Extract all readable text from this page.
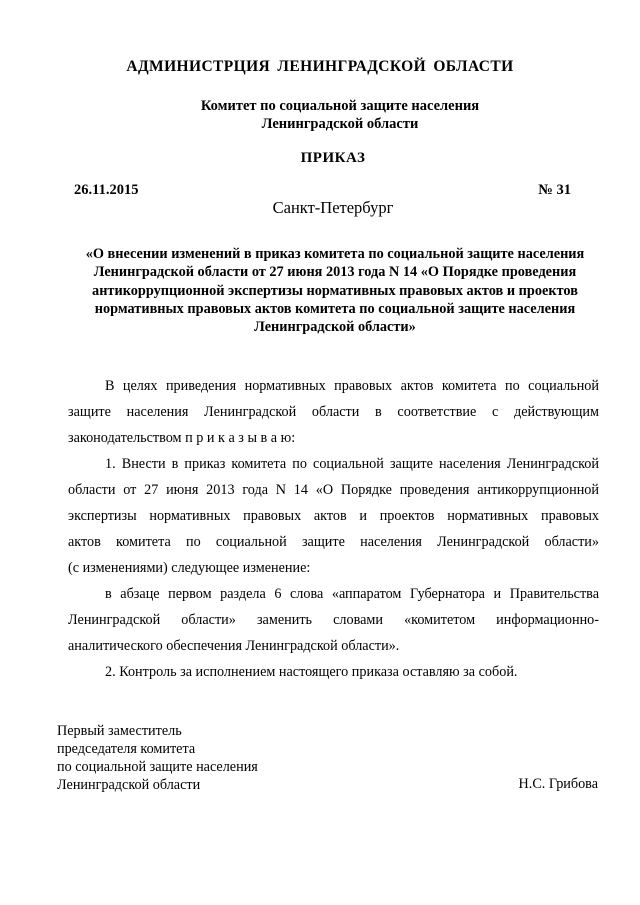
АДМИНИСТРЦИЯ ЛЕНИНГРАДСКОЙ ОБЛАСТИ
Комитет по социальной защите населения
Ленинградской области
ПРИКАЗ
26.11.2015	№ 31
Санкт-Петербург
«О внесении изменений в приказ комитета по социальной защите населения
Ленинградской области от 27 июня 2013 года N 14 «О Порядке проведения
антикоррупционной экспертизы нормативных правовых актов и проектов
нормативных правовых актов комитета по социальной защите населения
Ленинградской области»
В целях приведения нормативных правовых актов комитета по социальной
защите населения Ленинградской области в соответствие с действующим
законодательством п р и к а з ы в а ю:
1. Внести в приказ комитета по социальной защите населения Ленинградской
области от 27 июня 2013 года N 14 «О Порядке проведения антикоррупционной
экспертизы нормативных правовых актов и проектов нормативных правовых
актов комитета по социальной защите населения Ленинградской области»
(с изменениями) следующее изменение:
в абзаце первом раздела 6 слова «аппаратом Губернатора и Правительства
Ленинградской области» заменить словами «комитетом информационно-
аналитического обеспечения Ленинградской области».
2. Контроль за исполнением настоящего приказа оставляю за собой.
Первый заместитель
председателя комитета
по социальной защите населения
Ленинградской области	Н.С. Грибова
